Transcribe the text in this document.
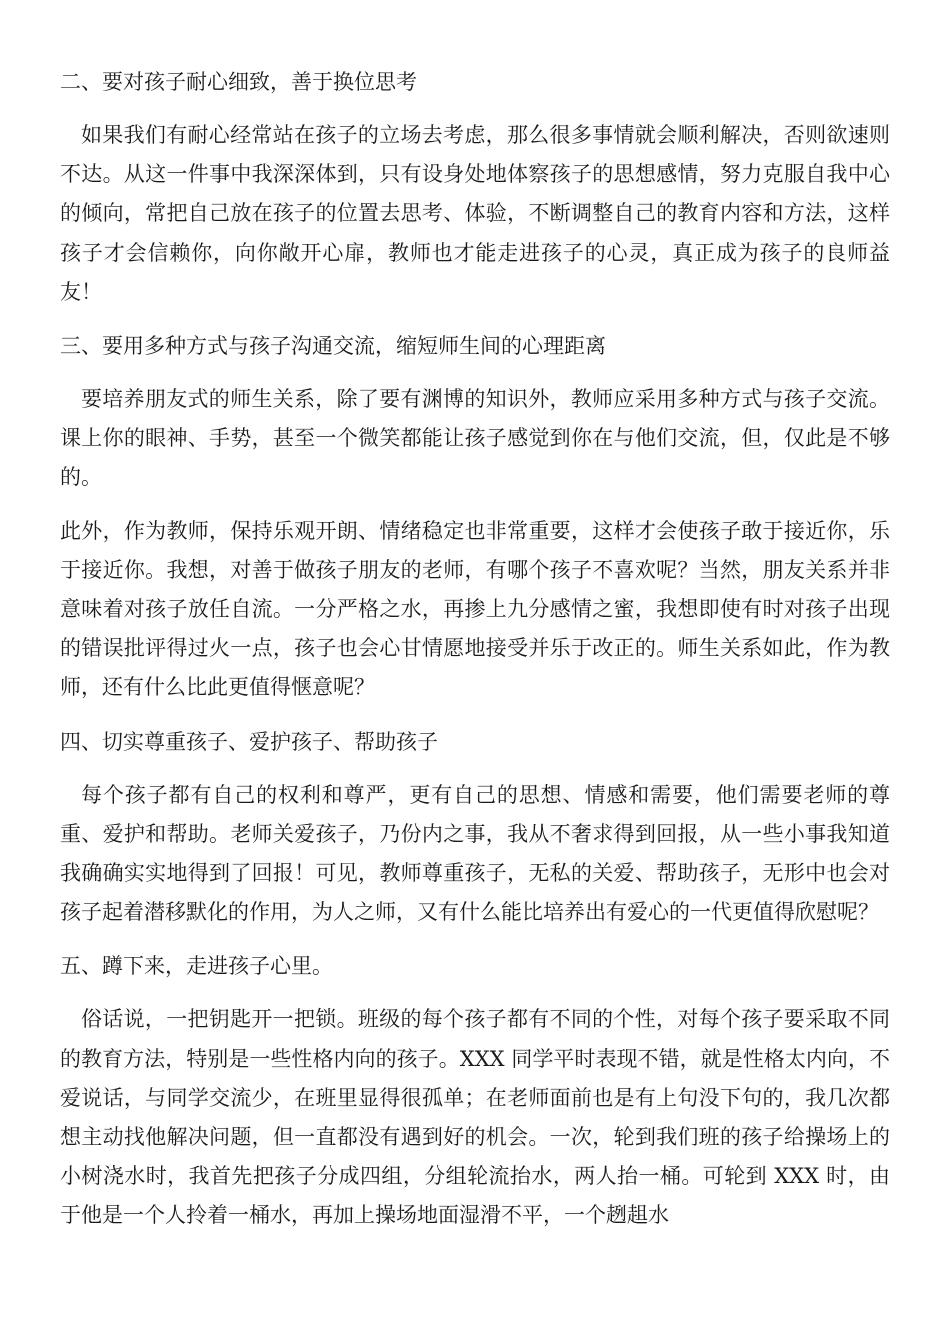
二、要对孩子耐心细致，善于换位思考

如果我们有耐心经常站在孩子的立场去考虑，那么很多事情就会顺利解决，否则欲速则不达。从这一件事中我深深体到，只有设身处地体察孩子的思想感情，努力克服自我中心的倾向，常把自己放在孩子的位置去思考、体验，不断调整自己的教育内容和方法，这样孩子才会信赖你，向你敞开心扉，教师也才能走进孩子的心灵，真正成为孩子的良师益友！

三、要用多种方式与孩子沟通交流，缩短师生间的心理距离

要培养朋友式的师生关系，除了要有渊博的知识外，教师应采用多种方式与孩子交流。课上你的眼神、手势，甚至一个微笑都能让孩子感觉到你在与他们交流，但，仅此是不够的。

此外，作为教师，保持乐观开朗、情绪稳定也非常重要，这样才会使孩子敢于接近你，乐于接近你。我想，对善于做孩子朋友的老师，有哪个孩子不喜欢呢？当然，朋友关系并非意味着对孩子放任自流。一分严格之水，再掺上九分感情之蜜，我想即使有时对孩子出现的错误批评得过火一点，孩子也会心甘情愿地接受并乐于改正的。师生关系如此，作为教师，还有什么比此更值得惬意呢？

四、切实尊重孩子、爱护孩子、帮助孩子

每个孩子都有自己的权利和尊严，更有自己的思想、情感和需要，他们需要老师的尊重、爱护和帮助。老师关爱孩子，乃份内之事，我从不奢求得到回报，从一些小事我知道我确确实实地得到了回报！可见，教师尊重孩子，无私的关爱、帮助孩子，无形中也会对孩子起着潜移默化的作用，为人之师，又有什么能比培养出有爱心的一代更值得欣慰呢？

五、蹲下来，走进孩子心里。

俗话说，一把钥匙开一把锁。班级的每个孩子都有不同的个性，对每个孩子要采取不同的教育方法，特别是一些性格内向的孩子。XXX 同学平时表现不错，就是性格太内向，不爱说话，与同学交流少，在班里显得很孤单；在老师面前也是有上句没下句的，我几次都想主动找他解决问题，但一直都没有遇到好的机会。一次，轮到我们班的孩子给操场上的小树浇水时，我首先把孩子分成四组，分组轮流抬水，两人抬一桶。可轮到 XXX 时，由于他是一个人拎着一桶水，再加上操场地面湿滑不平，一个趔趄水
